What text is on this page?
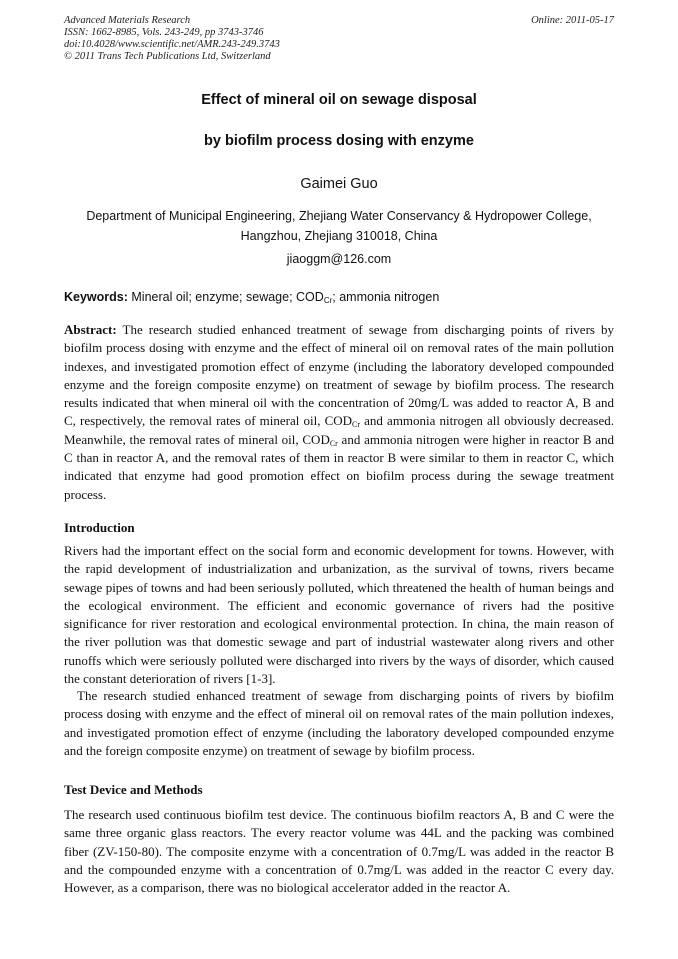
Advanced Materials Research
ISSN: 1662-8985, Vols. 243-249, pp 3743-3746
doi:10.4028/www.scientific.net/AMR.243-249.3743
© 2011 Trans Tech Publications Ltd, Switzerland
Online: 2011-05-17
Effect of mineral oil on sewage disposal
by biofilm process dosing with enzyme
Gaimei Guo
Department of Municipal Engineering, Zhejiang Water Conservancy & Hydropower College,
Hangzhou, Zhejiang 310018, China
jiaoggm@126.com
Keywords: Mineral oil; enzyme; sewage; $COD_{Cr}$; ammonia nitrogen
Abstract: The research studied enhanced treatment of sewage from discharging points of rivers by biofilm process dosing with enzyme and the effect of mineral oil on removal rates of the main pollution indexes, and investigated promotion effect of enzyme (including the laboratory developed compounded enzyme and the foreign composite enzyme) on treatment of sewage by biofilm process. The research results indicated that when mineral oil with the concentration of 20mg/L was added to reactor A, B and C, respectively, the removal rates of mineral oil, $COD_{Cr}$ and ammonia nitrogen all obviously decreased. Meanwhile, the removal rates of mineral oil, $COD_{Cr}$ and ammonia nitrogen were higher in reactor B and C than in reactor A, and the removal rates of them in reactor B were similar to them in reactor C, which indicated that enzyme had good promotion effect on biofilm process during the sewage treatment process.
Introduction
Rivers had the important effect on the social form and economic development for towns. However, with the rapid development of industrialization and urbanization, as the survival of towns, rivers became sewage pipes of towns and had been seriously polluted, which threatened the health of human beings and the ecological environment. The efficient and economic governance of rivers had the positive significance for river restoration and ecological environmental protection. In china, the main reason of the river pollution was that domestic sewage and part of industrial wastewater along rivers and other runoffs which were seriously polluted were discharged into rivers by the ways of disorder, which caused the constant deterioration of rivers [1-3].
The research studied enhanced treatment of sewage from discharging points of rivers by biofilm process dosing with enzyme and the effect of mineral oil on removal rates of the main pollution indexes, and investigated promotion effect of enzyme (including the laboratory developed compounded enzyme and the foreign composite enzyme) on treatment of sewage by biofilm process.
Test Device and Methods
The research used continuous biofilm test device. The continuous biofilm reactors A, B and C were the same three organic glass reactors. The every reactor volume was 44L and the packing was combined fiber (ZV-150-80). The composite enzyme with a concentration of 0.7mg/L was added in the reactor B and the compounded enzyme with a concentration of 0.7mg/L was added in the reactor C every day. However, as a comparison, there was no biological accelerator added in the reactor A.
